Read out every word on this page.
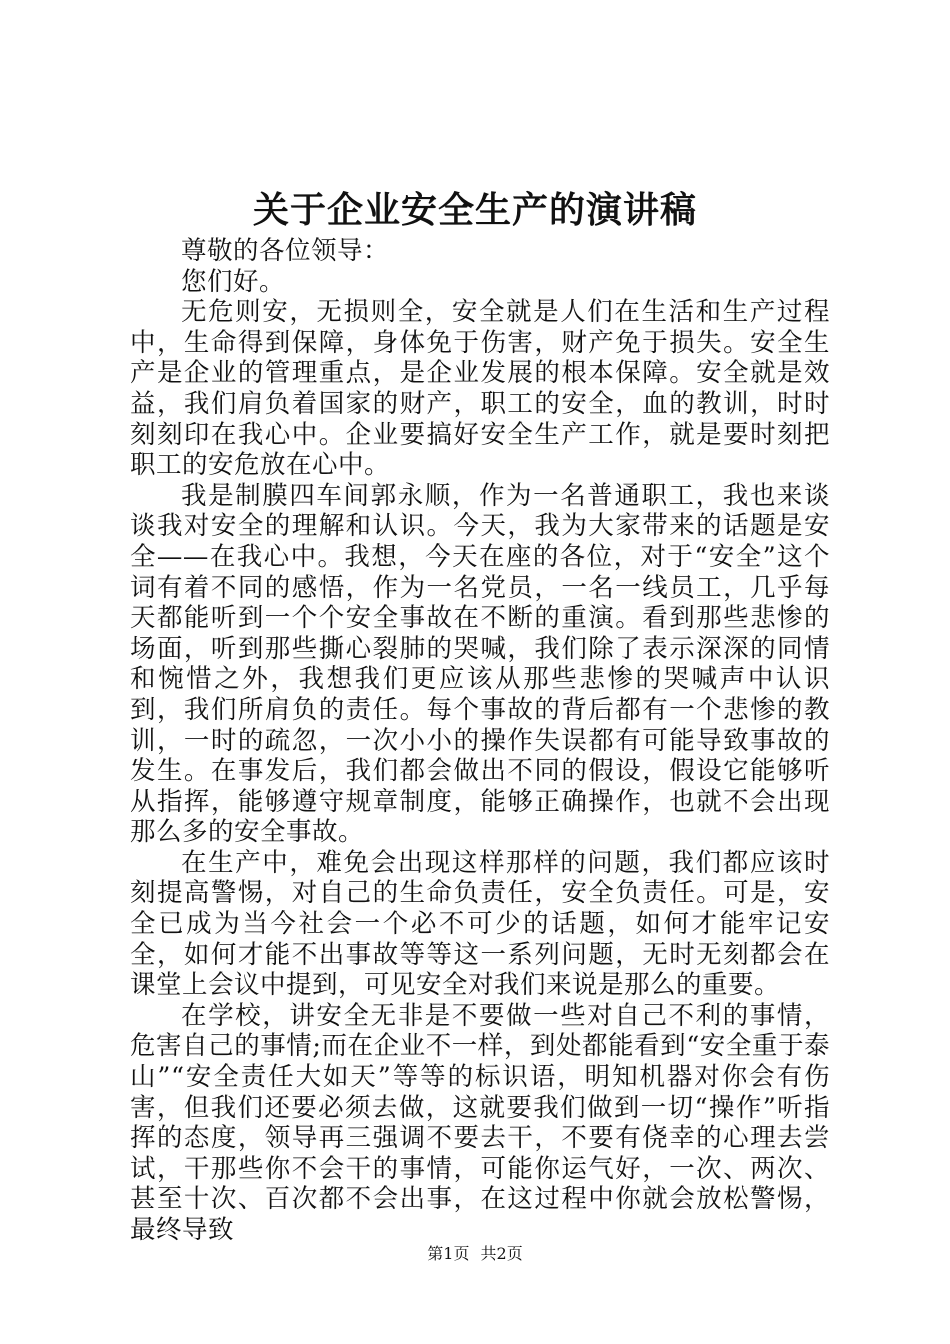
关于企业安全生产的演讲稿

尊敬的各位领导：

您们好。

无危则安，无损则全，安全就是人们在生活和生产过程中，生命得到保障，身体免于伤害，财产免于损失。安全生产是企业的管理重点，是企业发展的根本保障。安全就是效益，我们肩负着国家的财产，职工的安全，血的教训，时时刻刻印在我心中。企业要搞好安全生产工作，就是要时刻把职工的安危放在心中。

我是制膜四车间郭永顺，作为一名普通职工，我也来谈谈我对安全的理解和认识。今天，我为大家带来的话题是安全——在我心中。我想，今天在座的各位，对于“安全”这个词有着不同的感悟，作为一名党员，一名一线员工，几乎每天都能听到一个个安全事故在不断的重演。看到那些悲惨的场面，听到那些撕心裂肺的哭喊，我们除了表示深深的同情和惋惜之外，我想我们更应该从那些悲惨的哭喊声中认识到，我们所肩负的责任。每个事故的背后都有一个悲惨的教训，一时的疏忽，一次小小的操作失误都有可能导致事故的发生。在事发后，我们都会做出不同的假设，假设它能够听从指挥，能够遵守规章制度，能够正确操作，也就不会出现那么多的安全事故。

在生产中，难免会出现这样那样的问题，我们都应该时刻提高警惕，对自己的生命负责任，安全负责任。可是，安全已成为当今社会一个必不可少的话题，如何才能牢记安全，如何才能不出事故等等这一系列问题，无时无刻都会在课堂上会议中提到，可见安全对我们来说是那么的重要。

在学校，讲安全无非是不要做一些对自己不利的事情，危害自己的事情;而在企业不一样，到处都能看到“安全重于泰山”“安全责任大如天”等等的标识语，明知机器对你会有伤害，但我们还要必须去做，这就要我们做到一切“操作”听指挥的态度，领导再三强调不要去干，不要有侥幸的心理去尝试，干那些你不会干的事情，可能你运气好，一次、两次、甚至十次、百次都不会出事，在这过程中你就会放松警惕，最终导致

第1页 共2页
